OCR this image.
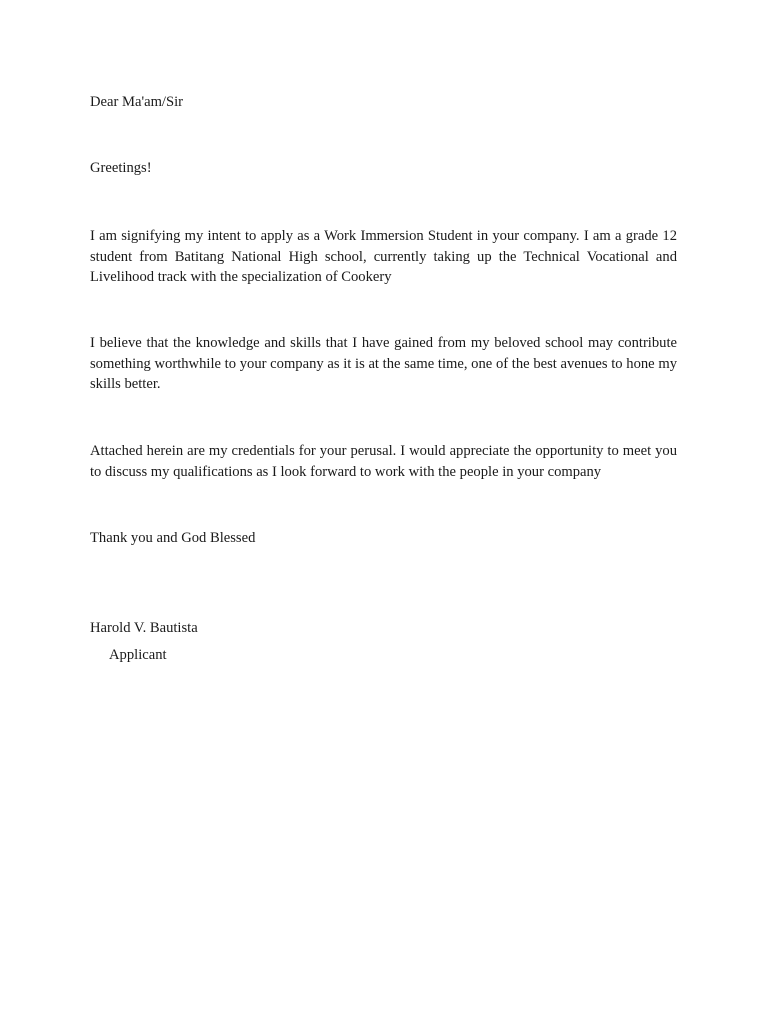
Dear Ma'am/Sir
Greetings!
I am signifying my intent to apply as a Work Immersion Student in your company. I am a grade 12 student from Batitang National High school, currently taking up the Technical Vocational and Livelihood track with the specialization of Cookery
I believe that the knowledge and skills that I have gained from my beloved school may contribute something worthwhile to your company as it is at the same time, one of the best avenues to hone my skills better.
Attached herein are my credentials for your perusal. I would appreciate the opportunity to meet you to discuss my qualifications as I look forward to work with the people in your company
Thank you and God Blessed
Harold V. Bautista
Applicant
